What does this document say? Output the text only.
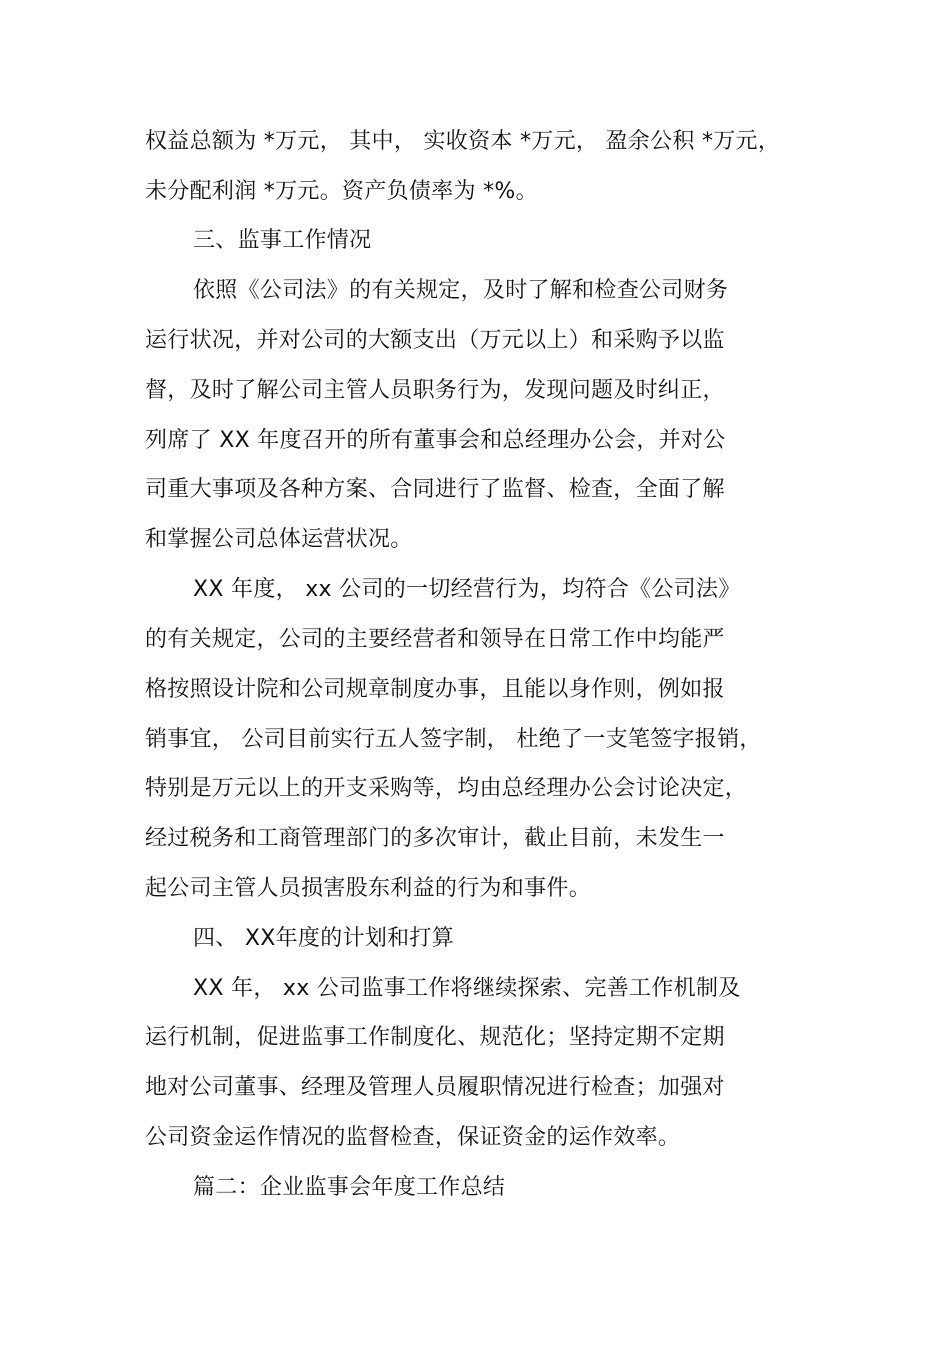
权益总额为 *万元， 其中， 实收资本 *万元， 盈余公积 *万元，
未分配利润 *万元。资产负债率为 *%。
三、监事工作情况
依照《公司法》的有关规定，及时了解和检查公司财务
运行状况，并对公司的大额支出（万元以上）和采购予以监
督，及时了解公司主管人员职务行为，发现问题及时纠正，
列席了 XX 年度召开的所有董事会和总经理办公会，并对公
司重大事项及各种方案、合同进行了监督、检查，全面了解
和掌握公司总体运营状况。
XX 年度， xx 公司的一切经营行为，均符合《公司法》
的有关规定，公司的主要经营者和领导在日常工作中均能严
格按照设计院和公司规章制度办事，且能以身作则，例如报
销事宜， 公司目前实行五人签字制， 杜绝了一支笔签字报销，
特别是万元以上的开支采购等，均由总经理办公会讨论决定，
经过税务和工商管理部门的多次审计，截止目前，未发生一
起公司主管人员损害股东利益的行为和事件。
四、 XX年度的计划和打算
XX 年， xx 公司监事工作将继续探索、完善工作机制及
运行机制，促进监事工作制度化、规范化；坚持定期不定期
地对公司董事、经理及管理人员履职情况进行检查；加强对
公司资金运作情况的监督检查，保证资金的运作效率。
篇二：企业监事会年度工作总结
